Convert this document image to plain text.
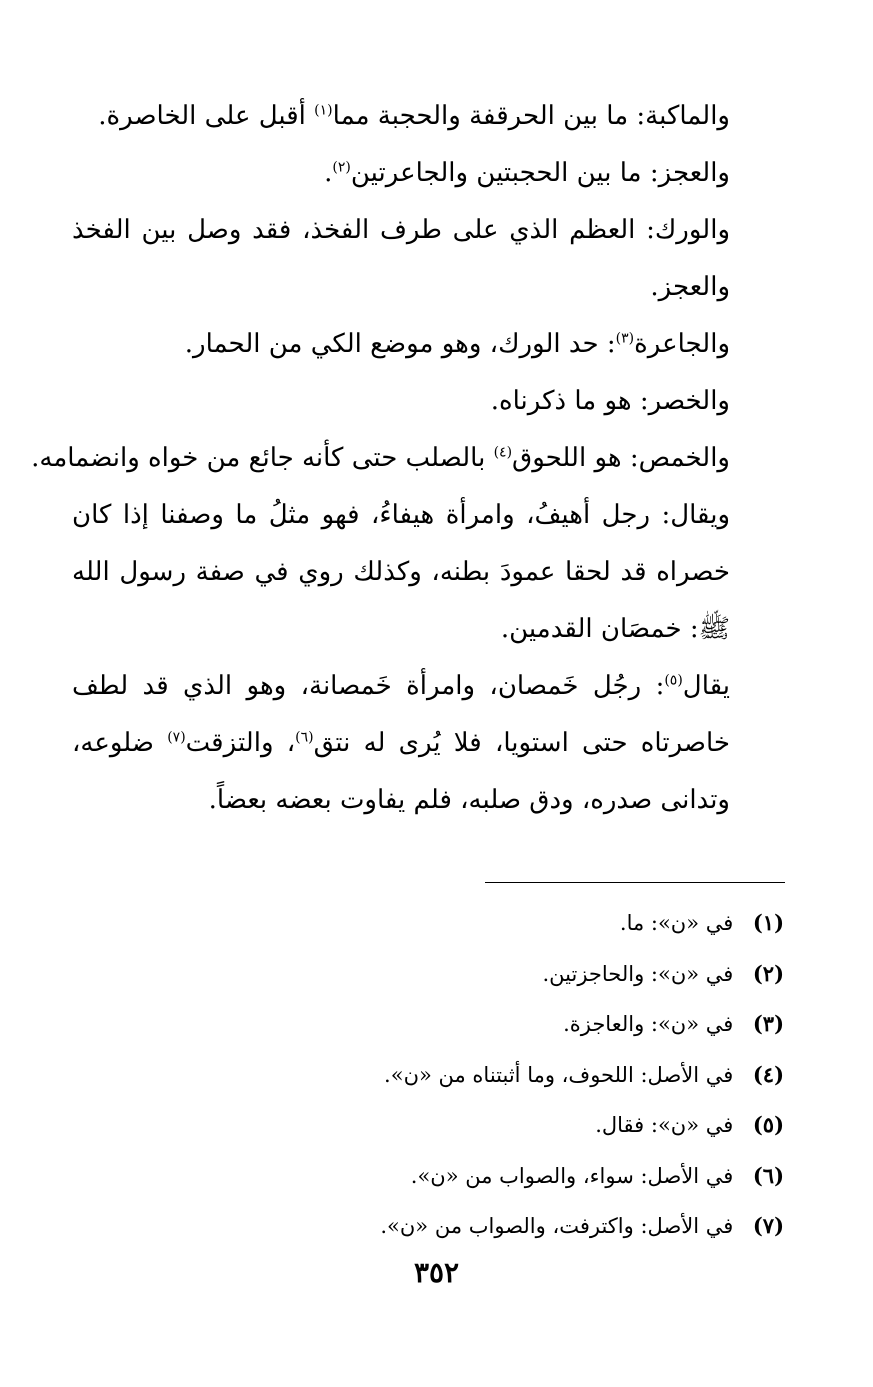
والماكبة: ما بين الحرقفة والحجبة مما$^{(١)}$ أقبل على الخاصرة.

والعجز: ما بين الحجبتين والجاعرتين$^{(٢)}$.

والورك: العظم الذي على طرف الفخذ، فقد وصل بين الفخذ والعجز.

والجاعرة$^{(٣)}$: حد الورك، وهو موضع الكي من الحمار.

والخصر: هو ما ذكرناه.

والخمص: هو اللحوق$^{(٤)}$ بالصلب حتى كأنه جائع من خواه وانضمامه.

ويقال: رجل أهيفُ، وامرأة هيفاءُ، فهو مثلُ ما وصفنا إذا كان خصراه قد لحقا عمودَ بطنه، وكذلك روي في صفة رسول الله ﷺ: خمصَان القدمين.

يقال$^{(٥)}$: رجُل خَمصان، وامرأة خَمصانة، وهو الذي قد لطف خاصرتاه حتى استويا، فلا يُرى له نتق$^{(٦)}$، والتزقت$^{(٧)}$ ضلوعه، وتدانى صدره، ودق صلبه، فلم يفاوت بعضه بعضاً.

(١) في «ن»: ما.

(٢) في «ن»: والحاجزتين.

(٣) في «ن»: والعاجزة.

(٤) في الأصل: اللحوف، وما أثبتناه من «ن».

(٥) في «ن»: فقال.

(٦) في الأصل: سواء، والصواب من «ن».

(٧) في الأصل: واكترفت، والصواب من «ن».

٣٥٢
